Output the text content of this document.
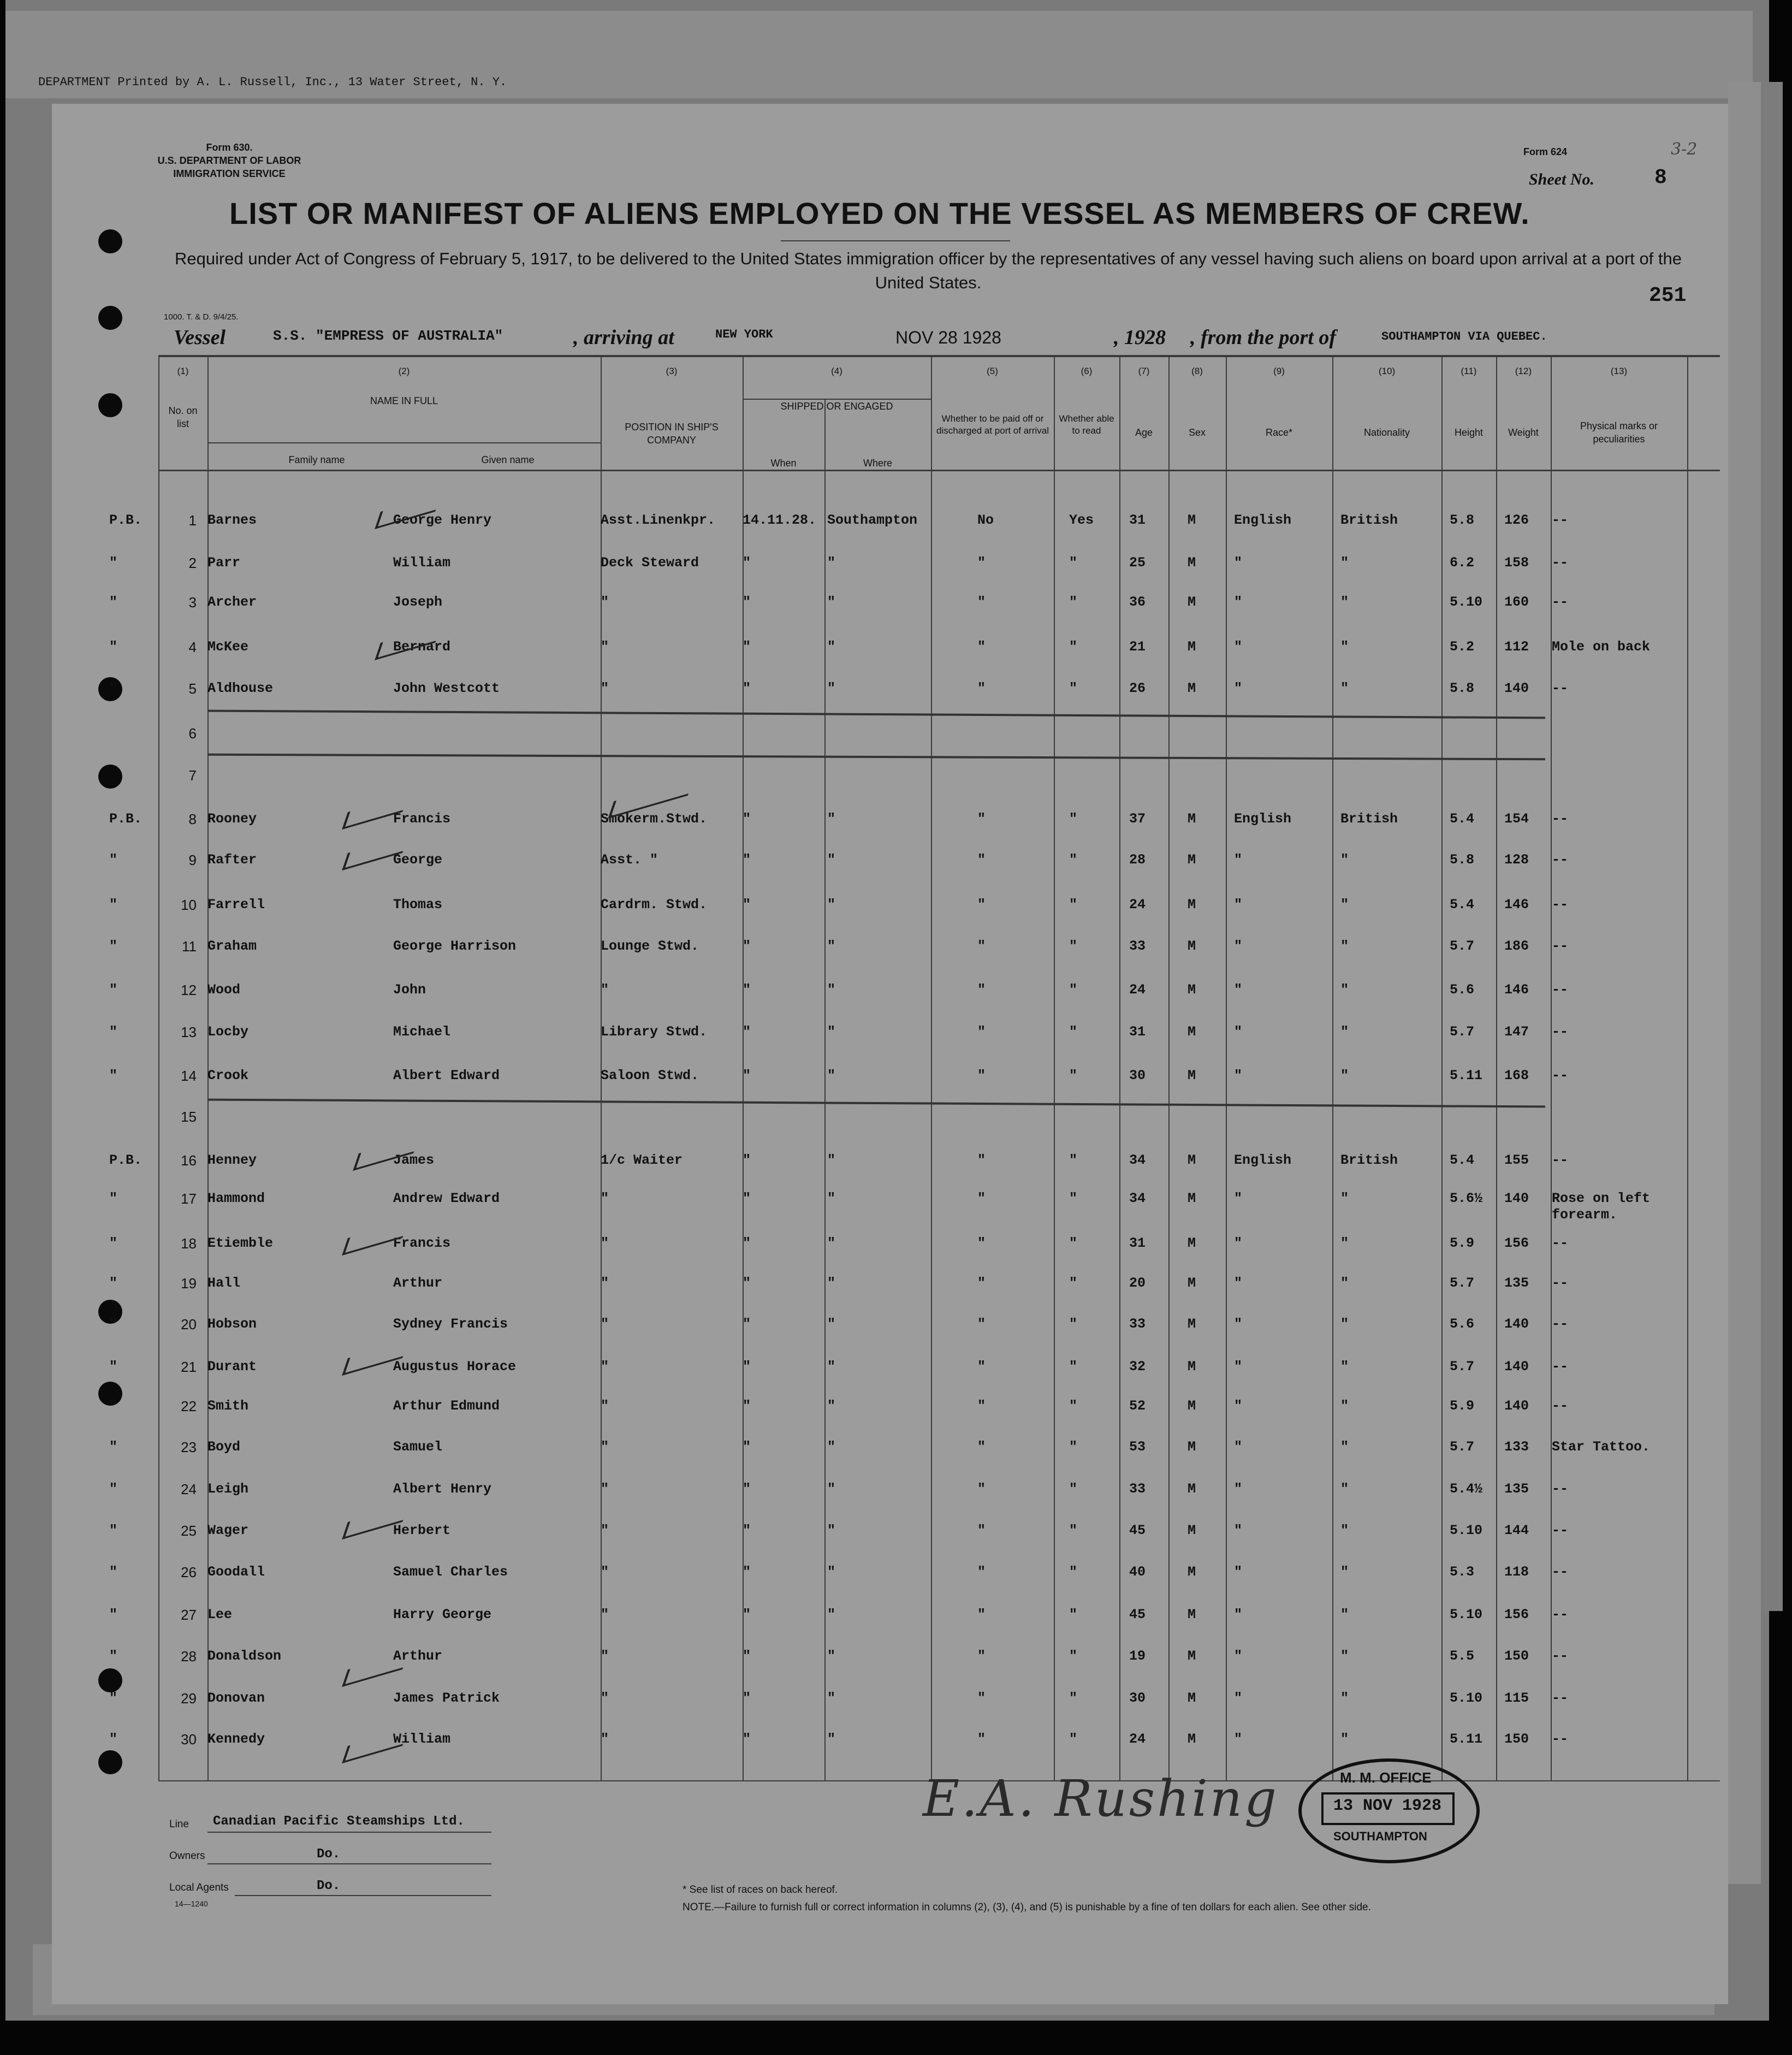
DEPARTMENT Printed by A. L. Russell, Inc., 13 Water Street, N. Y.
Form 630.
U.S. DEPARTMENT OF LABOR
IMMIGRATION SERVICE
Form 624
Sheet No.	8
3-2
LIST OR MANIFEST OF ALIENS EMPLOYED ON THE VESSEL AS MEMBERS OF CREW.
Required under Act of Congress of February 5, 1917, to be delivered to the United States immigration officer by the representatives of any vessel having such aliens on board upon arrival at a port of the United States.
251
1000. T. & D. 9/4/25.
Vessel	S.S. "EMPRESS OF AUSTRALIA"	, arriving at	NEW YORK	NOV 28 1928	, 1928 , from the port of	SOUTHAMPTON VIA QUEBEC.
(1)	(2)	(3)	(4)	(5)	(6)	(7)	(8)	(9)	(10)	(11)	(12)	(13)
No. on list
NAME IN FULL
Family name	Given name
POSITION IN SHIP'S COMPANY
SHIPPED OR ENGAGED
When	Where
Whether to be paid off or discharged at port of arrival
Whether able to read	Age	Sex	Race*	Nationality	Height	Weight
Physical marks or peculiarities
1
P.B.	Barnes	George Henry	Asst.Linenkpr. 14.11.28. Southampton	No	Yes	31	M	English	British	5.8 126 --
2
"	Parr	William	Deck Steward	"	"	"	"	25	M	"	"	6.2 158 --
3
"	Archer	Joseph	"	"	"	"	"	36	M	"	"	5.10 160 --
4
"	McKee	Bernard	"	"	"	"	"	21	M	"	"	5.2 112 Mole on back
5
"	Aldhouse	John Westcott	"	"	"	"	"	26	M	"	"	5.8 140 --
6
7
8
P.B.	Rooney	Francis	Smokerm.Stwd.	"	"	"	"	37	M	English	British	5.4 154 --
9
"	Rafter	George	Asst. "	"	"	"	"	28	M	"	"	5.8 128 --
10
"	Farrell	Thomas	Cardrm. Stwd.	"	"	"	"	24	M	"	"	5.4 146 --
11
"	Graham	George Harrison	Lounge Stwd.	"	"	"	"	33	M	"	"	5.7 186 --
12
"	Wood	John	"	"	"	"	"	24	M	"	"	5.6 146 --
13
"	Locby	Michael	Library Stwd.	"	"	"	"	31	M	"	"	5.7 147 --
14
"	Crook	Albert Edward	Saloon Stwd.	"	"	"	"	30	M	"	"	5.11 168 --
15
16
P.B.	Henney	James	1/c Waiter	"	"	"	"	34	M	English	British	5.4 155 --
17
"	Hammond	Andrew Edward	"	"	"	"	"	34	M	"	"	5.6½ 140 Rose on left forearm.
18
"	Etiemble	Francis	"	"	"	"	"	31	M	"	"	5.9 156 --
19
"	Hall	Arthur	"	"	"	"	"	20	M	"	"	5.7 135 --
20
"	Hobson	Sydney Francis	"	"	"	"	"	33	M	"	"	5.6 140 --
21
"	Durant	Augustus Horace	"	"	"	"	"	32	M	"	"	5.7 140 --
22
"	Smith	Arthur Edmund	"	"	"	"	"	52	M	"	"	5.9 140 --
23
"	Boyd	Samuel	"	"	"	"	"	53	M	"	"	5.7 133 Star Tattoo.
24
"	Leigh	Albert Henry	"	"	"	"	"	33	M	"	"	5.4½ 135 --
25
"	Wager	Herbert	"	"	"	"	"	45	M	"	"	5.10 144 --
26
"	Goodall	Samuel Charles	"	"	"	"	"	40	M	"	"	5.3 118 --
27
"	Lee	Harry George	"	"	"	"	"	45	M	"	"	5.10 156 --
28
"	Donaldson	Arthur	"	"	"	"	"	19	M	"	"	5.5 150 --
29
"	Donovan	James Patrick	"	"	"	"	"	30	M	"	"	5.10 115 --
30
"	Kennedy	William	"	"	"	"	"	24	M	"	"	5.11 150 --
Line Canadian Pacific Steamships Ltd.
Owners	Do.
Local Agents	Do.
14—1240
E.A. Rushing	M. M. OFFICE
13 NOV 1928
SOUTHAMPTON
* See list of races on back hereof.
NOTE.—Failure to furnish full or correct information in columns (2), (3), (4), and (5) is punishable by a fine of ten dollars for each alien. See other side.
